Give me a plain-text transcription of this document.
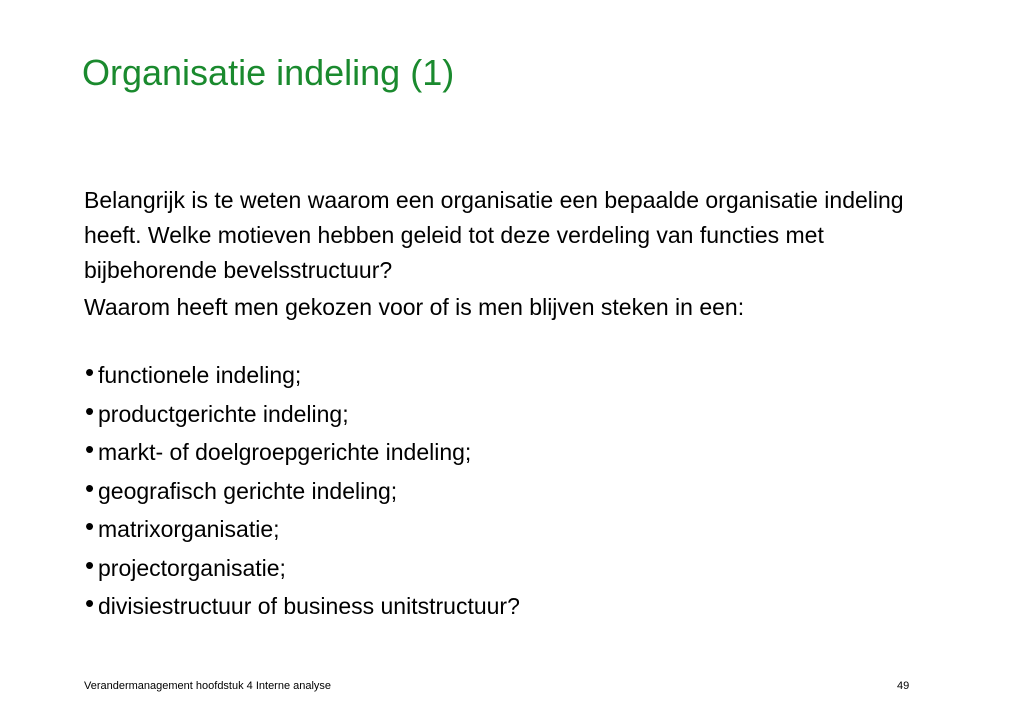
Organisatie indeling (1)

Belangrijk is te weten waarom een organisatie een bepaalde organisatie indeling heeft. Welke motieven hebben geleid tot deze verdeling van functies met bijbehorende bevelsstructuur?

Waarom heeft men gekozen voor of is men blijven steken in een:

• functionele indeling;
• productgerichte indeling;
• markt- of doelgroepgerichte indeling;
• geografisch gerichte indeling;
• matrixorganisatie;
• projectorganisatie;
• divisiestructuur of business unitstructuur?
Verandermanagement hoofdstuk 4 Interne analyse	49
